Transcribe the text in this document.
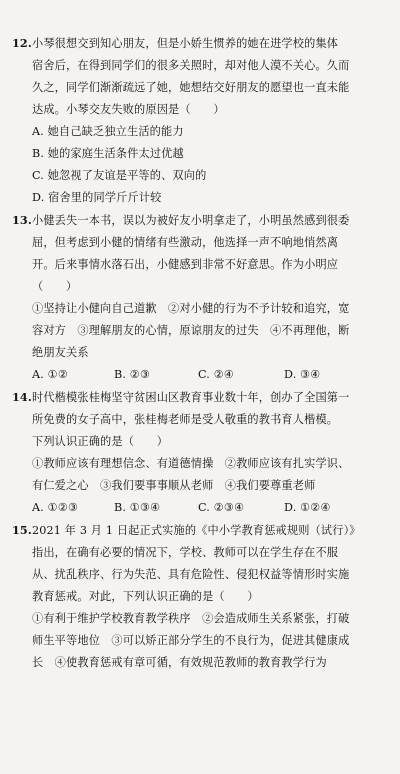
12. 小琴很想交到知心朋友，但是小娇生惯养的她在进学校的集体
宿舍后，在得到同学们的很多关照时，却对他人漠不关心。久而
久之，同学们渐渐疏远了她，她想结交好朋友的愿望也一直未能
达成。小琴交友失败的原因是（　　）
A. 她自己缺乏独立生活的能力
B. 她的家庭生活条件太过优越
C. 她忽视了友谊是平等的、双向的
D. 宿舍里的同学斤斤计较
13. 小健丢失一本书，误以为被好友小明拿走了，小明虽然感到很委
屈，但考虑到小健的情绪有些激动，他选择一声不响地悄然离
开。后来事情水落石出，小健感到非常不好意思。作为小明应
（　　）
①坚持让小健向自己道歉　②对小健的行为不予计较和追究，宽
容对方　③理解朋友的心情，原谅朋友的过失　④不再理他，断
绝朋友关系
A. ①②	B. ②③	C. ②④	D. ③④
14. 时代楷模张桂梅坚守贫困山区教育事业数十年，创办了全国第一
所免费的女子高中，张桂梅老师是受人敬重的教书育人楷模。
下列认识正确的是（　　）
①教师应该有理想信念、有道德情操　②教师应该有扎实学识、
有仁爱之心　③我们要事事顺从老师　④我们要尊重老师
A. ①②③	B. ①③④	C. ②③④	D. ①②④
15. 2021 年 3 月 1 日起正式实施的《中小学教育惩戒规则（试行）》
指出，在确有必要的情况下，学校、教师可以在学生存在不服
从、扰乱秩序、行为失范、具有危险性、侵犯权益等情形时实施
教育惩戒。对此，下列认识正确的是（　　）
①有利于维护学校教育教学秩序　②会造成师生关系紧张，打破
师生平等地位　③可以矫正部分学生的不良行为，促进其健康成
长　④使教育惩戒有章可循，有效规范教师的教育教学行为
